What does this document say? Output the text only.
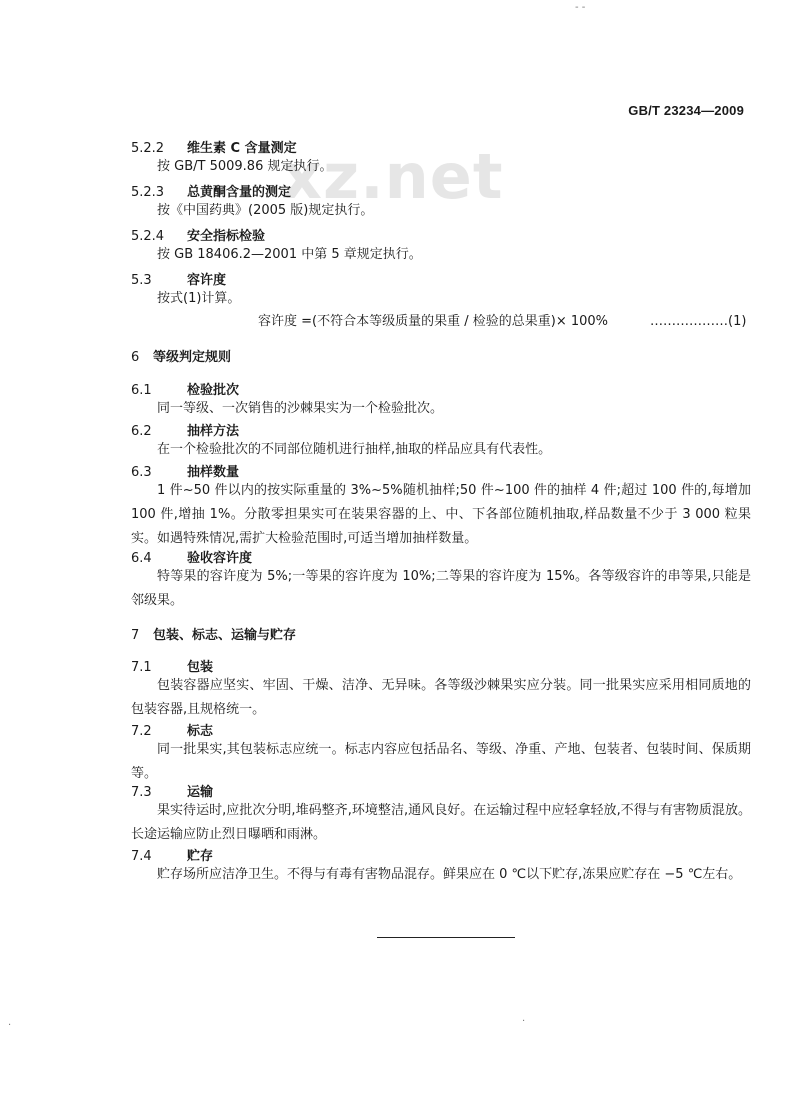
GB/T 23234—2009
xz.net
5.2.2 维生素 C 含量测定
按 GB/T 5009.86 规定执行。
5.2.3 总黄酮含量的测定
按《中国药典》(2005 版)规定执行。
5.2.4 安全指标检验
按 GB 18406.2—2001 中第 5 章规定执行。
5.3	容许度
按式(1)计算。
容许度 =(不符合本等级质量的果重 / 检验的总果重)× 100%	………………(1)
6 等级判定规则
6.1	检验批次
同一等级、一次销售的沙棘果实为一个检验批次。
6.2	抽样方法
在一个检验批次的不同部位随机进行抽样,抽取的样品应具有代表性。
6.3	抽样数量
1 件~50 件以内的按实际重量的 3%~5%随机抽样;50 件~100 件的抽样 4 件;超过 100 件的,每增加 100 件,增抽 1%。分散零担果实可在装果容器的上、中、下各部位随机抽取,样品数量不少于 3 000 粒果实。如遇特殊情况,需扩大检验范围时,可适当增加抽样数量。
6.4	验收容许度
特等果的容许度为 5%;一等果的容许度为 10%;二等果的容许度为 15%。各等级容许的串等果,只能是邻级果。
7 包装、标志、运输与贮存
7.1	包装
包装容器应坚实、牢固、干燥、洁净、无异味。各等级沙棘果实应分装。同一批果实应采用相同质地的包装容器,且规格统一。
7.2	标志
同一批果实,其包装标志应统一。标志内容应包括品名、等级、净重、产地、包装者、包装时间、保质期等。
7.3	运输
果实待运时,应批次分明,堆码整齐,环境整洁,通风良好。在运输过程中应轻拿轻放,不得与有害物质混放。长途运输应防止烈日曝晒和雨淋。
7.4	贮存
贮存场所应洁净卫生。不得与有毒有害物品混存。鲜果应在 0 ℃以下贮存,冻果应贮存在 −5 ℃左右。
- -
·
·
